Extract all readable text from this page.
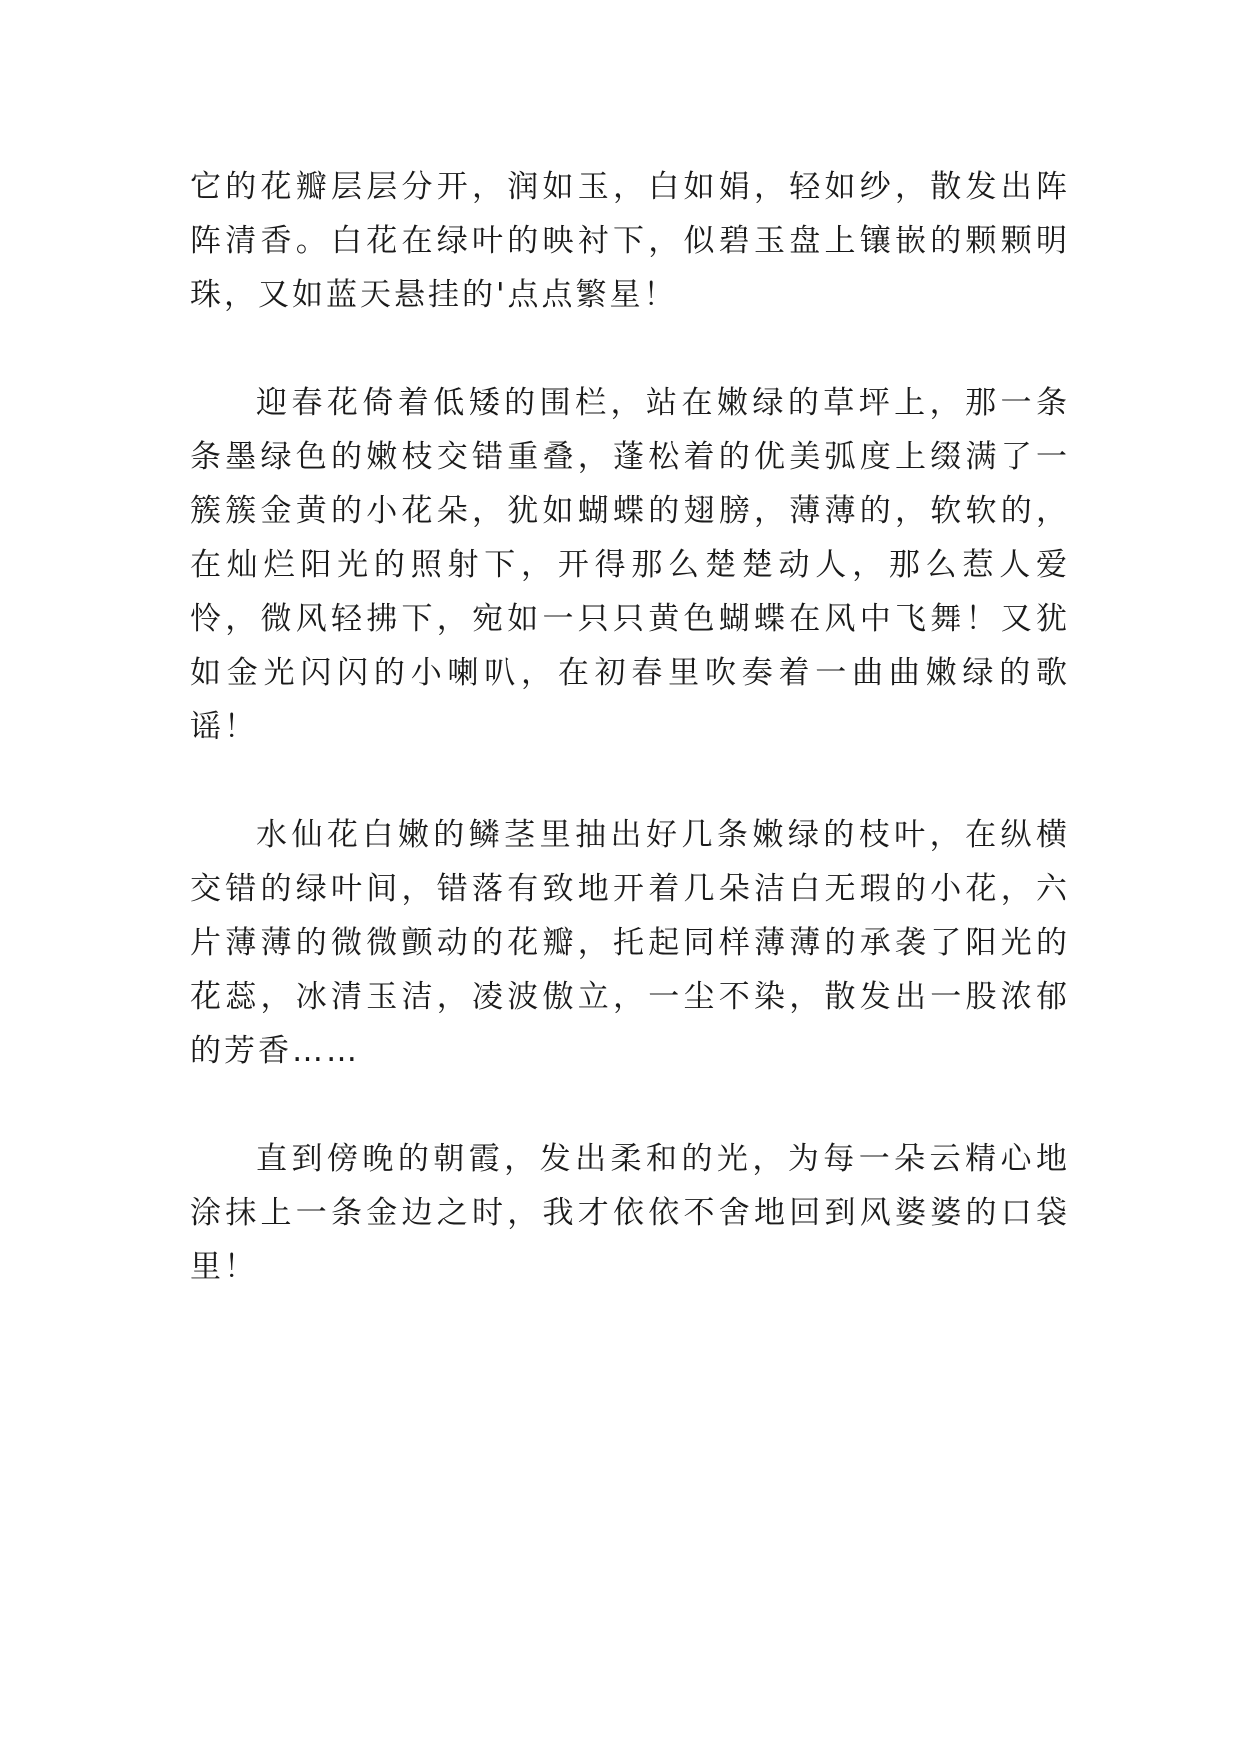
它的花瓣层层分开，润如玉，白如娟，轻如纱，散发出阵阵清香。白花在绿叶的映衬下，似碧玉盘上镶嵌的颗颗明珠，又如蓝天悬挂的'点点繁星！

迎春花倚着低矮的围栏，站在嫩绿的草坪上，那一条条墨绿色的嫩枝交错重叠，蓬松着的优美弧度上缀满了一簇簇金黄的小花朵，犹如蝴蝶的翅膀，薄薄的，软软的，在灿烂阳光的照射下，开得那么楚楚动人，那么惹人爱怜，微风轻拂下，宛如一只只黄色蝴蝶在风中飞舞！又犹如金光闪闪的小喇叭，在初春里吹奏着一曲曲嫩绿的歌谣！

水仙花白嫩的鳞茎里抽出好几条嫩绿的枝叶，在纵横交错的绿叶间，错落有致地开着几朵洁白无瑕的小花，六片薄薄的微微颤动的花瓣，托起同样薄薄的承袭了阳光的花蕊，冰清玉洁，凌波傲立，一尘不染，散发出一股浓郁的芳香……

直到傍晚的朝霞，发出柔和的光，为每一朵云精心地涂抹上一条金边之时，我才依依不舍地回到风婆婆的口袋里！
